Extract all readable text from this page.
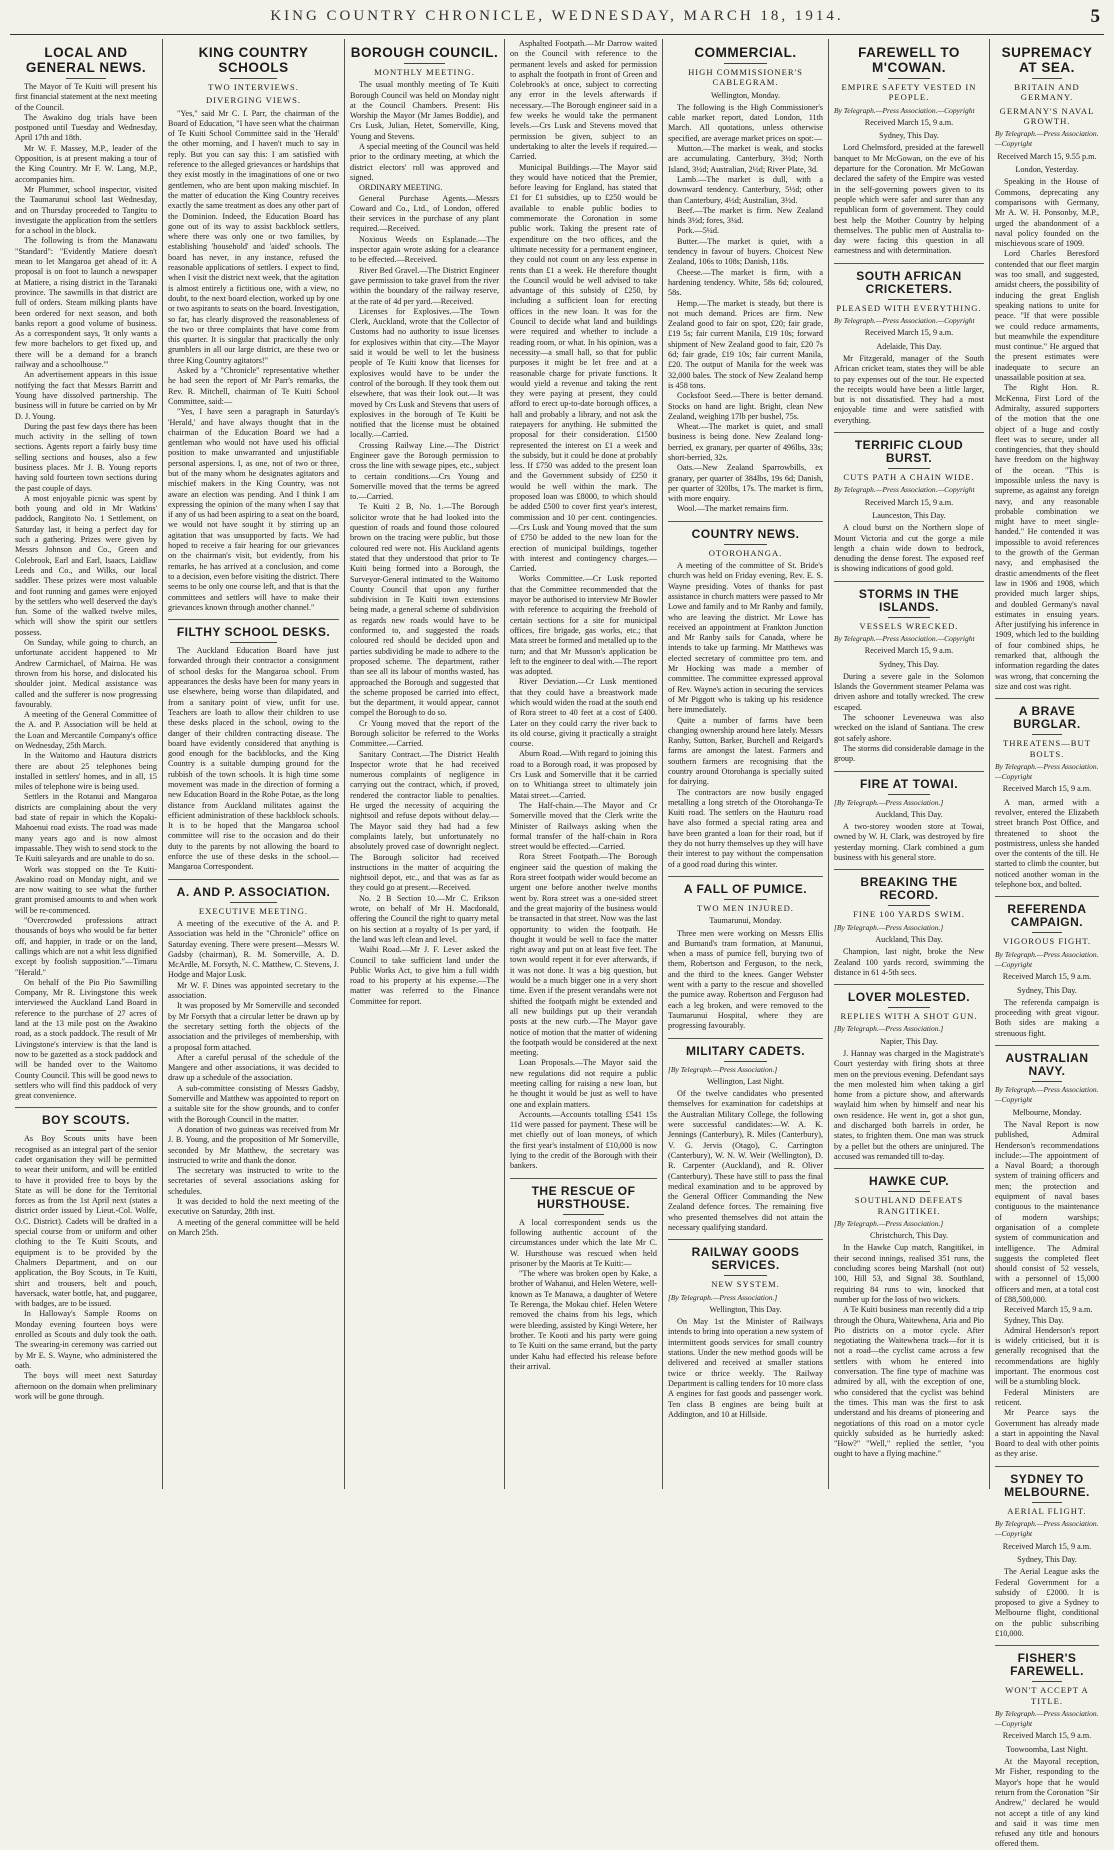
KING COUNTRY CHRONICLE, WEDNESDAY, MARCH 18, 1914.	5
LOCAL AND GENERAL NEWS.

The Mayor of Te Kuiti will present his first financial statement at the next meeting of the Council.

The Awakino dog trials have been postponed until Tuesday and Wednesday, April 17th and 18th.

Mr W. F. Massey, M.P., leader of the Opposition, is at present making a tour of the King Country. Mr F. W. Lang, M.P., accompanies him.

Mr Plummer, school inspector, visited the Taumarunui school last Wednesday, and on Thursday proceeded to Tangitu to investigate the application from the settlers for a school in the block.

The following is from the Manawatu "Standard": "Evidently Matiere doesn't mean to let Mangaroa get ahead of it: A proposal is on foot to launch a newspaper at Matiere, a rising district in the Taranaki province. The sawmills in that district are full of orders. Steam milking plants have been ordered for next season, and both banks report a good volume of business. As a correspondent says, 'It only wants a few more bachelors to get fixed up, and there will be a demand for a branch railway and a schoolhouse.'"

An advertisement appears in this issue notifying the fact that Messrs Barritt and Young have dissolved partnership. The business will in future be carried on by Mr D. J. Young.

During the past few days there has been much activity in the selling of town sections. Agents report a fairly busy time selling sections and houses, also a few business places. Mr J. B. Young reports having sold fourteen town sections during the past couple of days.

A most enjoyable picnic was spent by both young and old in Mr Watkins' paddock, Rangitoto No. 1 Settlement, on Saturday last, it being a perfect day for such a gathering. Prizes were given by Messrs Johnson and Co., Green and Colebrook, Earl and Earl, Isaacs, Laidlaw Leeds and Co., and Wilks, our local saddler. These prizes were most valuable and foot running and games were enjoyed by the settlers who well deserved the day's fun. Some of the walked twelve miles, which will show the spirit our settlers possess.

On Sunday, while going to church, an unfortunate accident happened to Mr Andrew Carmichael, of Mairoa. He was thrown from his horse, and dislocated his shoulder joint. Medical assistance was called and the sufferer is now progressing favourably.

A meeting of the General Committee of the A. and P. Association will be held at the Loan and Mercantile Company's office on Wednesday, 25th March.

In the Waitomo and Hautura districts there are about 25 telephones being installed in settlers' homes, and in all, 15 miles of telephone wire is being used.

Settlers in the Rotanui and Mangaroa districts are complaining about the very bad state of repair in which the Kopaki-Mahoenui road exists. The road was made many years ago and is now almost impassable. They wish to send stock to the Te Kuiti saleyards and are unable to do so.

Work was stopped on the Te Kuiti-Awakino road on Monday night, and we are now waiting to see what the further grant promised amounts to and when work will be re-commenced.

"Overcrowded professions attract thousands of boys who would be far better off, and happier, in trade or on the land, callings which are not a whit less dignified except by foolish supposition."—Timaru "Herald."

On behalf of the Pio Pio Sawmilling Company, Mr R. Livingstone this week interviewed the Auckland Land Board in reference to the purchase of 27 acres of land at the 13 mile post on the Awakino road, as a stock paddock. The result of Mr Livingstone's interview is that the land is now to be gazetted as a stock paddock and will be handed over to the Waitomo County Council. This will be good news to settlers who will find this paddock of very great convenience.

BOY SCOUTS.

As Boy Scouts units have been recognised as an integral part of the senior cadet organisation they will be permitted to wear their uniform, and will be entitled to have it provided free to boys by the State as will be done for the Territorial forces as from the 1st April next (states a district order issued by Lieut.-Col. Wolfe, O.C. District). Cadets will be drafted in a special course from or uniform and other clothing to the Te Kuiti Scouts, and equipment is to be provided by the Chalmers Department, and on our application, the Boy Scouts, in Te Kuiti, shirt and trousers, belt and pouch, haversack, water bottle, hat, and puggaree, with badges, are to be issued.

In Halloway's Sample Rooms on Monday evening fourteen boys were enrolled as Scouts and duly took the oath. The swearing-in ceremony was carried out by Mr E. S. Wayne, who administered the oath.

The boys will meet next Saturday afternoon on the domain when preliminary work will be gone through.

KING COUNTRY SCHOOLS
TWO INTERVIEWS.
DIVERGING VIEWS.

"Yes," said Mr C. I. Parr, the chairman of the Board of Education, "I have seen what the chairman of Te Kuiti School Committee said in the 'Herald' the other morning, and I haven't much to say in reply. But you can say this: I am satisfied with reference to the alleged grievances or hardships that they exist mostly in the imaginations of one or two gentlemen, who are bent upon making mischief. In the matter of education the King Country receives exactly the same treatment as does any other part of the Dominion. Indeed, the Education Board has gone out of its way to assist backblock settlers, where there was only one or two families, by establishing 'household' and 'aided' schools. The board has never, in any instance, refused the reasonable applications of settlers. I expect to find, when I visit the district next week, that the agitation is almost entirely a fictitious one, with a view, no doubt, to the next board election, worked up by one or two aspirants to seats on the board. Investigation, so far, has clearly disproved the reasonableness of the two or three complaints that have come from this quarter. It is singular that practically the only grumblers in all our large district, are these two or three King Country agitators!"

Asked by a "Chronicle" representative whether he had seen the report of Mr Parr's remarks, the Rev. R. Mitchell, chairman of Te Kuiti School Committee, said:—

"Yes, I have seen a paragraph in Saturday's 'Herald,' and have always thought that in the chairman of the Education Board we had a gentleman who would not have used his official position to make unwarranted and unjustifiable personal aspersions. I, as one, not of two or three, but of the many whom he designates agitators and mischief makers in the King Country, was not aware an election was pending. And I think I am expressing the opinion of the many when I say that if any of us had been aspiring to a seat on the board, we would not have sought it by stirring up an agitation that was unsupported by facts. We had hoped to receive a fair hearing for our grievances on the chairman's visit, but evidently, from his remarks, he has arrived at a conclusion, and come to a decision, even before visiting the district. There seems to be only one course left, and that is that the committees and settlers will have to make their grievances known through another channel."

FILTHY SCHOOL DESKS.

The Auckland Education Board have just forwarded through their contractor a consignment of school desks for the Mangaroa school. From appearances the desks have been for many years in use elsewhere, being worse than dilapidated, and from a sanitary point of view, unfit for use. Teachers are loath to allow their children to use these desks placed in the school, owing to the danger of their children contracting disease. The board have evidently considered that anything is good enough for the backblocks, and the King Country is a suitable dumping ground for the rubbish of the town schools. It is high time some movement was made in the direction of forming a new Education Board in the Rohe Potae, as the long distance from Auckland militates against the efficient administration of these backblock schools. It is to be hoped that the Mangaroa school committee will rise to the occasion and do their duty to the parents by not allowing the board to enforce the use of these desks in the school.—Mangaroa Correspondent.

A. AND P. ASSOCIATION.
EXECUTIVE MEETING.

A meeting of the executive of the A. and P. Association was held in the "Chronicle" office on Saturday evening. There were present—Messrs W. Gadsby (chairman), R. M. Somerville, A. D. McArdle, M. Forsyth, N. C. Matthew, C. Stevens, J. Hodge and Major Lusk.

Mr W. F. Dines was appointed secretary to the association.

It was proposed by Mr Somerville and seconded by Mr Forsyth that a circular letter be drawn up by the secretary setting forth the objects of the association and the privileges of membership, with a proposal form attached.

After a careful perusal of the schedule of the Mangere and other associations, it was decided to draw up a schedule of the association.

A sub-committee consisting of Messrs Gadsby, Somerville and Matthew was appointed to report on a suitable site for the show grounds, and to confer with the Borough Council in the matter.

A donation of two guineas was received from Mr J. B. Young, and the proposition of Mr Somerville, seconded by Mr Matthew, the secretary was instructed to write and thank the donor.

The secretary was instructed to write to the secretaries of several associations asking for schedules.

It was decided to hold the next meeting of the executive on Saturday, 28th inst.

A meeting of the general committee will be held on March 25th.

BOROUGH COUNCIL.
MONTHLY MEETING.

The usual monthly meeting of Te Kuiti Borough Council was held on Monday night at the Council Chambers. Present: His Worship the Mayor (Mr James Boddie), and Crs Lusk, Julian, Hetet, Somerville, King, Young and Stevens.

A special meeting of the Council was held prior to the ordinary meeting, at which the district electors' roll was approved and signed.

ORDINARY MEETING.

General Purchase Agents.—Messrs Coward and Co., Ltd., of London, offered their services in the purchase of any plant required.—Received.

Noxious Weeds on Esplanade.—The inspector again wrote asking for a clearance to be effected.—Received.

River Bed Gravel.—The District Engineer gave permission to take gravel from the river within the boundary of the railway reserve, at the rate of 4d per yard.—Received.

Licenses for Explosives.—The Town Clerk, Auckland, wrote that the Collector of Customs had no authority to issue licenses for explosives within that city.—The Mayor said it would be well to let the business people of Te Kuiti know that licenses for explosives would have to be under the control of the borough. If they took them out elsewhere, that was their look out.—It was moved by Crs Lusk and Stevens that users of explosives in the borough of Te Kuiti be notified that the license must be obtained locally.—Carried.

Crossing Railway Line.—The District Engineer gave the Borough permission to cross the line with sewage pipes, etc., subject to certain conditions.—Crs Young and Somerville moved that the terms be agreed to.—Carried.

Te Kuiti 2 B, No. 1.—The Borough solicitor wrote that he had looked into the question of roads and found those coloured brown on the tracing were public, but those coloured red were not. His Auckland agents stated that they understood that prior to Te Kuiti being formed into a Borough, the Surveyor-General intimated to the Waitomo County Council that upon any further subdivision in Te Kuiti town extensions being made, a general scheme of subdivision as regards new roads would have to be conformed to, and suggested the roads coloured red should be decided upon and parties subdividing be made to adhere to the proposed scheme. The department, rather than see all its labour of months wasted, has approached the Borough and suggested that the scheme proposed be carried into effect, but the department, it would appear, cannot compel the Borough to do so.

Cr Young moved that the report of the Borough solicitor be referred to the Works Committee.—Carried.

Sanitary Contract.—The District Health Inspector wrote that he had received numerous complaints of negligence in carrying out the contract, which, if proved, rendered the contractor liable to penalties. He urged the necessity of acquiring the nightsoil and refuse depots without delay.—The Mayor said they had had a few complaints lately, but unfortunately no absolutely proved case of downright neglect. The Borough solicitor had received instructions in the matter of acquiring the nightsoil depot, etc., and that was as far as they could go at present.—Received.

No. 2 B Section 10.—Mr C. Erikson wrote, on behalf of Mr H. Macdonald, offering the Council the right to quarry metal on his section at a royalty of 1s per yard, if the land was left clean and level.

Waihi Road.—Mr J. F. Lever asked the Council to take sufficient land under the Public Works Act, to give him a full width road to his property at his expense.—The matter was referred to the Finance Committee for report.

Asphalted Footpath.—Mr Darrow waited on the Council with reference to the permanent levels and asked for permission to asphalt the footpath in front of Green and Colebrook's at once, subject to correcting any error in the levels afterwards if necessary.—The Borough engineer said in a few weeks he would take the permanent levels.—Crs Lusk and Stevens moved that permission be given, subject to an undertaking to alter the levels if required.—Carried.

Municipal Buildings.—The Mayor said they would have noticed that the Premier, before leaving for England, has stated that £1 for £1 subsidies, up to £250 would be available to enable public bodies to commemorate the Coronation in some public work. Taking the present rate of expenditure on the two offices, and the ultimate necessity for a permanent engineer, they could not count on any less expense in rents than £1 a week. He therefore thought the Council would be well advised to take advantage of this subsidy of £250, by including a sufficient loan for erecting offices in the new loan. It was for the Council to decide what land and buildings were required and whether to include a reading room, or what. In his opinion, was a necessity—a small hall, so that for public purposes it might be let free and at a reasonable charge for private functions. It would yield a revenue and taking the rent they were paying at present, they could afford to erect up-to-date borough offices, a hall and probably a library, and not ask the ratepayers for anything. He submitted the proposal for their consideration. £1500 represented the interest on £1 a week and the subsidy, but it could be done at probably less. If £750 was added to the present loan and the Government subsidy of £250 it would be well within the mark. The proposed loan was £8000, to which should be added £500 to cover first year's interest, commission and 10 per cent. contingencies.—Crs Lusk and Young moved that the sum of £750 be added to the new loan for the erection of municipal buildings, together with interest and contingency charges.—Carried.

Works Committee.—Cr Lusk reported that the Committee recommended that the mayor be authorised to interview Mr Bowler with reference to acquiring the freehold of certain sections for a site for municipal offices, fire brigade, gas works, etc.; that Mata street be formed and metalled up to the turn; and that Mr Musson's application be left to the engineer to deal with.—The report was adopted.

River Deviation.—Cr Lusk mentioned that they could have a breastwork made which would widen the road at the south end of Rora street to 40 feet at a cost of £400. Later on they could carry the river back to its old course, giving it practically a straight course.

Aburn Road.—With regard to joining this road to a Borough road, it was proposed by Crs Lusk and Somerville that it be carried on to Whitianga street to ultimately join Matai street.—Carried.

The Half-chain.—The Mayor and Cr Somerville moved that the Clerk write the Minister of Railways asking when the formal transfer of the half-chain in Rora street would be effected.—Carried.

Rora Street Footpath.—The Borough engineer said the question of making the Rora street footpath wider would become an urgent one before another twelve months went by. Rora street was a one-sided street and the great majority of the business would be transacted in that street. Now was the last opportunity to widen the footpath. He thought it would be well to face the matter right away and put on at least five feet. The town would repent it for ever afterwards, if it was not done. It was a big question, but would be a much bigger one in a very short time. Even if the present verandahs were not shifted the footpath might be extended and all new buildings put up their verandah posts at the new curb.—The Mayor gave notice of motion that the matter of widening the footpath would be considered at the next meeting.

Loan Proposals.—The Mayor said the new regulations did not require a public meeting calling for raising a new loan, but he thought it would be just as well to have one and explain matters.

Accounts.—Accounts totalling £541 15s 11d were passed for payment. These will be met chiefly out of loan moneys, of which the first year's instalment of £10,000 is now lying to the credit of the Borough with their bankers.

THE RESCUE OF HURSTHOUSE.

A local correspondent sends us the following authentic account of the circumstances under which the late Mr C. W. Hursthouse was rescued when held prisoner by the Maoris at Te Kuiti:—

"The where was broken open by Kake, a brother of Wahanui, and Helen Wetere, well-known as Te Manawa, a daughter of Wetere Te Rerenga, the Mokau chief. Helen Wetere removed the chains from his legs, which were bleeding, assisted by Kingi Wetere, her brother. Te Kooti and his party were going to Te Kuiti on the same errand, but the party under Kahu had effected his release before their arrival.

COMMERCIAL.
HIGH COMMISSIONER'S CABLEGRAM.
Wellington, Monday.

The following is the High Commissioner's cable market report, dated London, 11th March. All quotations, unless otherwise specified, are average market prices on spot:—

Mutton.—The market is weak, and stocks are accumulating. Canterbury, 3½d; North Island, 3½d; Australian, 2½d; River Plate, 3d.

Lamb.—The market is dull, with a downward tendency. Canterbury, 5½d; other than Canterbury, 4½d; Australian, 3½d.

Beef.—The market is firm. New Zealand hinds 3½d; fores, 3¼d.

Pork.—5¼d.

Butter.—The market is quiet, with a tendency in favour of buyers. Choicest New Zealand, 106s to 108s; Danish, 118s.

Cheese.—The market is firm, with a hardening tendency. White, 58s 6d; coloured, 58s.

Hemp.—The market is steady, but there is not much demand. Prices are firm. New Zealand good to fair on spot, £20; fair grade, £19 5s; fair current Manila, £19 10s; forward shipment of New Zealand good to fair, £20 7s 6d; fair grade, £19 10s; fair current Manila, £20. The output of Manila for the week was 32,000 bales. The stock of New Zealand hemp is 458 tons.

Cocksfoot Seed.—There is better demand. Stocks on hand are light. Bright, clean New Zealand, weighing 17lb per bushel, 75s.

Wheat.—The market is quiet, and small business is being done. New Zealand long-berried, ex granary, per quarter of 496lbs, 33s; short-berried, 32s.

Oats.—New Zealand Sparrowbills, ex granary, per quarter of 384lbs, 19s 6d; Danish, per quarter of 320lbs, 17s. The market is firm, with more enquiry.

Wool.—The market remains firm.

COUNTRY NEWS.
OTOROHANGA.

A meeting of the committee of St. Bride's church was held on Friday evening, Rev. E. S. Wayne presiding. Votes of thanks for past assistance in church matters were passed to Mr Lowe and family and to Mr Ranby and family, who are leaving the district. Mr Lowe has received an appointment at Frankton Junction and Mr Ranby sails for Canada, where he intends to take up farming. Mr Matthews was elected secretary of committee pro tem. and Mr Hocking was made a member of committee. The committee expressed approval of Rev. Wayne's action in securing the services of Mr Piggott who is taking up his residence here immediately.

Quite a number of farms have been changing ownership around here lately. Messrs Ranby, Sutton, Barker, Burchell and Reigard's farms are amongst the latest. Farmers and southern farmers are recognising that the country around Otorohanga is specially suited for dairying.

The contractors are now busily engaged metalling a long stretch of the Otorohanga-Te Kuiti road. The settlers on the Hauturu road have also formed a special rating area and have been granted a loan for their road, but if they do not hurry themselves up they will have their interest to pay without the compensation of a good road during this winter.

A FALL OF PUMICE.
TWO MEN INJURED.
Taumarunui, Monday.

Three men were working on Messrs Ellis and Burnand's tram formation, at Manunui, when a mass of pumice fell, burying two of them, Robertson and Ferguson, to the neck, and the third to the knees. Ganger Webster went with a party to the rescue and shovelled the pumice away. Robertson and Ferguson had each a leg broken, and were removed to the Taumarunui Hospital, where they are progressing favourably.

MILITARY CADETS.
[By Telegraph.—Press Association.]
Wellington, Last Night.

Of the twelve candidates who presented themselves for examination for cadetships at the Australian Military College, the following were successful candidates:—W. A. K. Jennings (Canterbury), R. Miles (Canterbury), V. G. Jervis (Otago), C. Carrington (Canterbury), W. N. W. Weir (Wellington), D. R. Carpenter (Auckland), and R. Oliver (Canterbury). These have still to pass the final medical examination and to be approved by the General Officer Commanding the New Zealand defence forces. The remaining five who presented themselves did not attain the necessary qualifying standard.

RAILWAY GOODS SERVICES.
NEW SYSTEM.
[By Telegraph.—Press Association.]
Wellington, This Day.

On May 1st the Minister of Railways intends to bring into operation a new system of intermittent goods services for small country stations. Under the new method goods will be delivered and received at smaller stations twice or thrice weekly. The Railway Department is calling tenders for 10 more class A engines for fast goods and passenger work. Ten class B engines are being built at Addington, and 10 at Hillside.

FAREWELL TO M'COWAN.
EMPIRE SAFETY VESTED IN PEOPLE.
By Telegraph.—Press Association.—Copyright
Received March 15, 9 a.m.
Sydney, This Day.

Lord Chelmsford, presided at the farewell banquet to Mr McGowan, on the eve of his departure for the Coronation. Mr McGowan declared the safety of the Empire was vested in the self-governing powers given to its people which were safer and surer than any republican form of government. They could best help the Mother Country by helping themselves. The public men of Australia to-day were facing this question in all earnestness and with determination.

SOUTH AFRICAN CRICKETERS.
PLEASED WITH EVERYTHING.
By Telegraph.—Press Association.—Copyright
Received March 15, 9 a.m.
Adelaide, This Day.

Mr Fitzgerald, manager of the South African cricket team, states they will be able to pay expenses out of the tour. He expected the receipts would have been a little larger, but is not dissatisfied. They had a most enjoyable time and were satisfied with everything.

TERRIFIC CLOUD BURST.
CUTS PATH A CHAIN WIDE.
By Telegraph.—Press Association.—Copyright
Received March 15, 9 a.m.
Launceston, This Day.

A cloud burst on the Northern slope of Mount Victoria and cut the gorge a mile length a chain wide down to bedrock, denuding the dense forest. The exposed reef is showing indications of good gold.

STORMS IN THE ISLANDS.
VESSELS WRECKED.
By Telegraph.—Press Association.—Copyright
Received March 15, 9 a.m.
Sydney, This Day.

During a severe gale in the Solomon Islands the Government steamer Pelama was driven ashore and totally wrecked. The crew escaped.

The schooner Leveneuwa was also wrecked on the island of Santiana. The crew got safely ashore.

The storms did considerable damage in the group.

FIRE AT TOWAI.
[By Telegraph.—Press Association.]
Auckland, This Day.

A two-storey wooden store at Towai, owned by W. H. Clark, was destroyed by fire yesterday morning. Clark combined a gum business with his general store.

BREAKING THE RECORD.
FINE 100 YARDS SWIM.
[By Telegraph.—Press Association.]
Auckland, This Day.

Champion, last night, broke the New Zealand 100 yards record, swimming the distance in 61 4-5th secs.

LOVER MOLESTED.
REPLIES WITH A SHOT GUN.
[By Telegraph.—Press Association.]
Napier, This Day.

J. Hannay was charged in the Magistrate's Court yesterday with firing shots at three men on the previous evening. Defendant says the men molested him when taking a girl home from a picture show, and afterwards waylaid him when by himself and near his own residence. He went in, got a shot gun, and discharged both barrels in order, he states, to frighten them. One man was struck by a pellet but the others are uninjured. The accused was remanded till to-day.

HAWKE CUP.
SOUTHLAND DEFEATS RANGITIKEI.
[By Telegraph.—Press Association.]
Christchurch, This Day.

In the Hawke Cup match, Rangitikei, in their second innings, realised 351 runs, the concluding scores being Marshall (not out) 100, Hill 53, and Signal 38. Southland, requiring 84 runs to win, knocked that number up for the loss of two wickets.

A Te Kuiti business man recently did a trip through the Ohura, Waitewhena, Aria and Pio Pio districts on a motor cycle. After negotiating the Waitewhena track—for it is not a road—the cyclist came across a few settlers with whom he entered into conversation. The fine type of machine was admired by all, with the exception of one, who considered that the cyclist was behind the times. This man was the first to ask understand and his dreams of pioneering and negotiations of this road on a motor cycle quickly subsided as he hurriedly asked: "How?" "Well," replied the settler, "you ought to have a flying machine."

SUPREMACY AT SEA.
BRITAIN AND GERMANY.
GERMANY'S NAVAL GROWTH.
By Telegraph.—Press Association.—Copyright
Received March 15, 9.55 p.m.
London, Yesterday.

Speaking in the House of Commons, deprecating any comparisons with Germany, Mr A. W. H. Ponsonby, M.P., urged the abandonment of a naval policy founded on the mischievous scare of 1909.

Lord Charles Beresford contended that our fleet margin was too small, and suggested, amidst cheers, the possibility of inducing the great English speaking nations to unite for peace. "If that were possible we could reduce armaments, but meanwhile the expenditure must continue." He argued that the present estimates were inadequate to secure an unassailable position at sea.

The Right Hon. R. McKenna, First Lord of the Admiralty, assured supporters of the motion that the one object of a huge and costly fleet was to secure, under all contingencies, that they should have freedom on the highway of the ocean. "This is impossible unless the navy is supreme, as against any foreign navy, and any reasonable probable combination we might have to meet single-handed." He contended it was impossible to avoid references to the growth of the German navy, and emphasised the drastic amendments of the fleet law in 1906 and 1908, which provided much larger ships, and doubled Germany's naval estimates in ensuing years. After justifying his inference in 1909, which led to the building of four combined ships, he remarked that, although the information regarding the dates was wrong, that concerning the size and cost was right.

A BRAVE BURGLAR.
THREATENS—BUT BOLTS.
By Telegraph.—Press Association.—Copyright
Received March 15, 9 a.m.

A man, armed with a revolver, entered the Elizabeth street branch Post Office, and threatened to shoot the postmistress, unless she handed over the contents of the till. He started to climb the counter, but noticed another woman in the telephone box, and bolted.

REFERENDA CAMPAIGN.
VIGOROUS FIGHT.
By Telegraph.—Press Association.—Copyright
Received March 15, 9 a.m.
Sydney, This Day.

The referenda campaign is proceeding with great vigour. Both sides are making a strenuous fight.

AUSTRALIAN NAVY.
By Telegraph.—Press Association.—Copyright
Melbourne, Monday.

The Naval Report is now published, Admiral Henderson's recommendations include:—The appointment of a Naval Board; a thorough system of training officers and men; the protection and equipment of naval bases contiguous to the maintenance of modern warships; organisation of a complete system of communication and intelligence. The Admiral suggests the completed fleet should consist of 52 vessels, with a personnel of 15,000 officers and men, at a total cost of £88,500,000.

Received March 15, 9 a.m.

Sydney, This Day.

Admiral Henderson's report is widely criticised, but it is generally recognised that the recommendations are highly important. The enormous cost will be a stumbling block.

Federal Ministers are reticent.

Mr Pearce says the Government has already made a start in appointing the Naval Board to deal with other points as they arise.

SYDNEY TO MELBOURNE.
AERIAL FLIGHT.
By Telegraph.—Press Association.—Copyright
Received March 15, 9 a.m.
Sydney, This Day.

The Aerial League asks the Federal Government for a subsidy of £2000. It is proposed to give a Sydney to Melbourne flight, conditional on the public subscribing £10,000.

FISHER'S FAREWELL.
WON'T ACCEPT A TITLE.
By Telegraph.—Press Association.—Copyright
Received March 15, 9 a.m.
Toowoomba, Last Night.

At the Mayoral reception, Mr Fisher, responding to the Mayor's hope that he would return from the Coronation "Sir Andrew," declared he would not accept a title of any kind and said it was time men refused any title and honours offered them.
